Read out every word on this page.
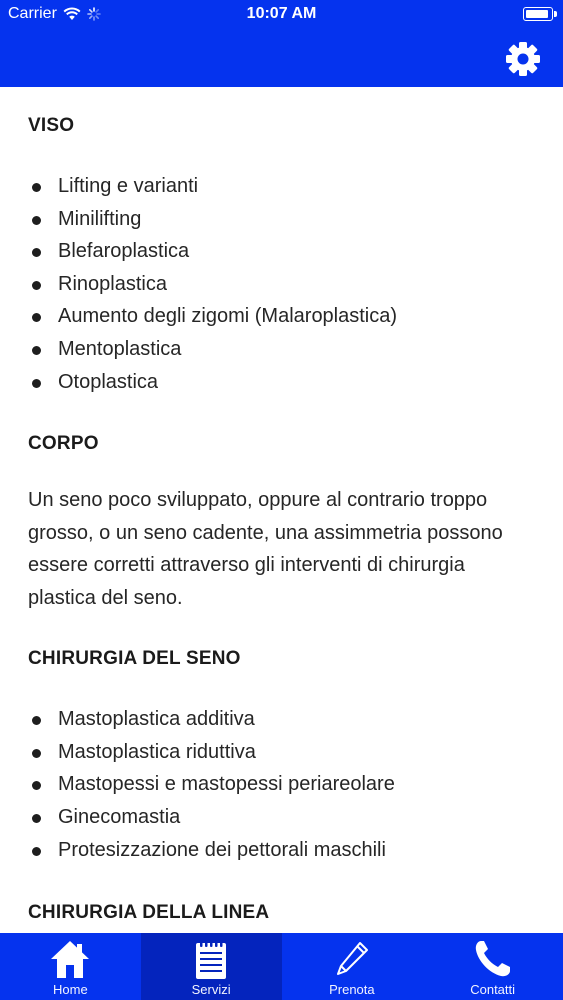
Carrier	10:07 AM
VISO
Lifting e varianti
Minilifting
Blefaroplastica
Rinoplastica
Aumento degli zigomi (Malaroplastica)
Mentoplastica
Otoplastica
CORPO

Un seno poco sviluppato, oppure al contrario troppo grosso, o un seno cadente, una assimmetria possono essere corretti attraverso gli interventi di chirurgia plastica del seno.

CHIRURGIA DEL SENO
Mastoplastica additiva
Mastoplastica riduttiva
Mastopessi e mastopessi periareolare
Ginecomastia
Protesizzazione dei pettorali maschili
CHIRURGIA DELLA LINEA
Home	Servizi	Prenota	Contatti
